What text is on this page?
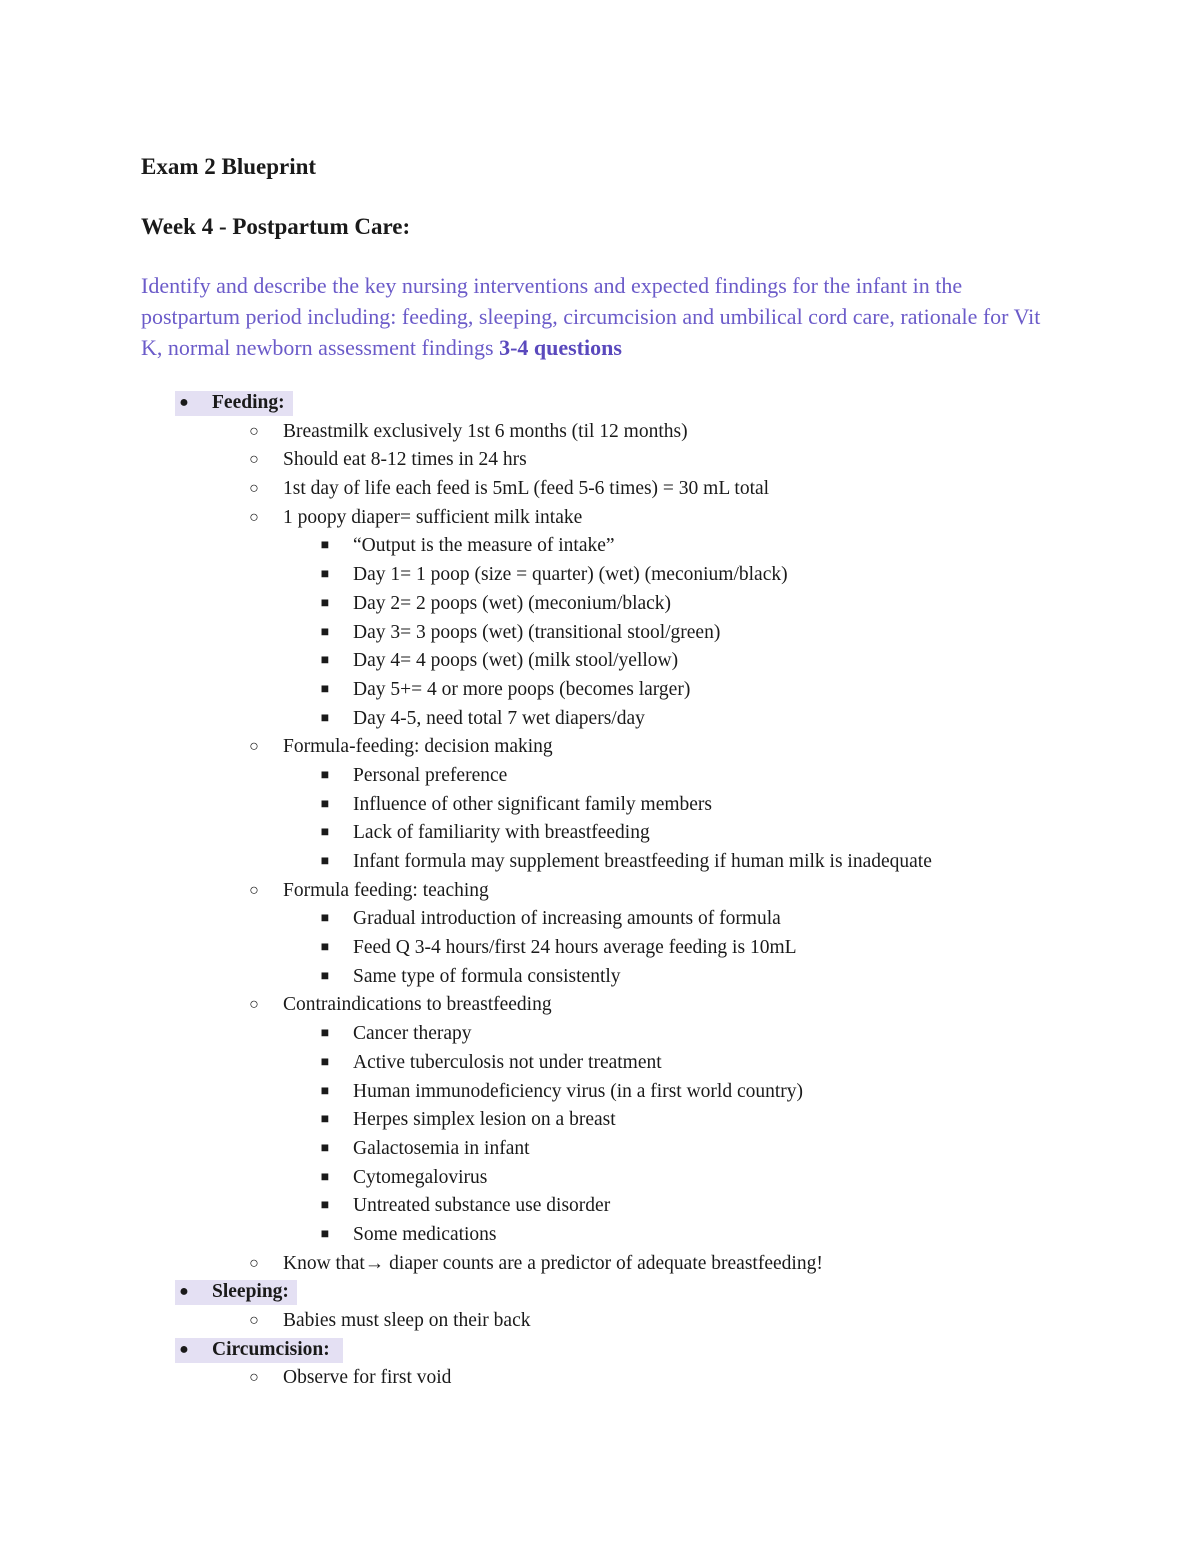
Exam 2 Blueprint
Week 4 - Postpartum Care:

Identify and describe the key nursing interventions and expected findings for the infant in the postpartum period including: feeding, sleeping, circumcision and umbilical cord care, rationale for Vit K, normal newborn assessment findings 3-4 questions

● Feeding:
○ Breastmilk exclusively 1st 6 months (til 12 months)
○ Should eat 8-12 times in 24 hrs
○ 1st day of life each feed is 5mL (feed 5-6 times) = 30 mL total
○ 1 poopy diaper= sufficient milk intake
■ “Output is the measure of intake”
■ Day 1= 1 poop (size = quarter) (wet) (meconium/black)
■ Day 2= 2 poops (wet) (meconium/black)
■ Day 3= 3 poops (wet) (transitional stool/green)
■ Day 4= 4 poops (wet) (milk stool/yellow)
■ Day 5+= 4 or more poops (becomes larger)
■ Day 4-5, need total 7 wet diapers/day
○ Formula-feeding: decision making
■ Personal preference
■ Influence of other significant family members
■ Lack of familiarity with breastfeeding
■ Infant formula may supplement breastfeeding if human milk is inadequate
○ Formula feeding: teaching
■ Gradual introduction of increasing amounts of formula
■ Feed Q 3-4 hours/first 24 hours average feeding is 10mL
■ Same type of formula consistently
○ Contraindications to breastfeeding
■ Cancer therapy
■ Active tuberculosis not under treatment
■ Human immunodeficiency virus (in a first world country)
■ Herpes simplex lesion on a breast
■ Galactosemia in infant
■ Cytomegalovirus
■ Untreated substance use disorder
■ Some medications
○ Know that→ diaper counts are a predictor of adequate breastfeeding!
● Sleeping:
○ Babies must sleep on their back
● Circumcision:
○ Observe for first void
